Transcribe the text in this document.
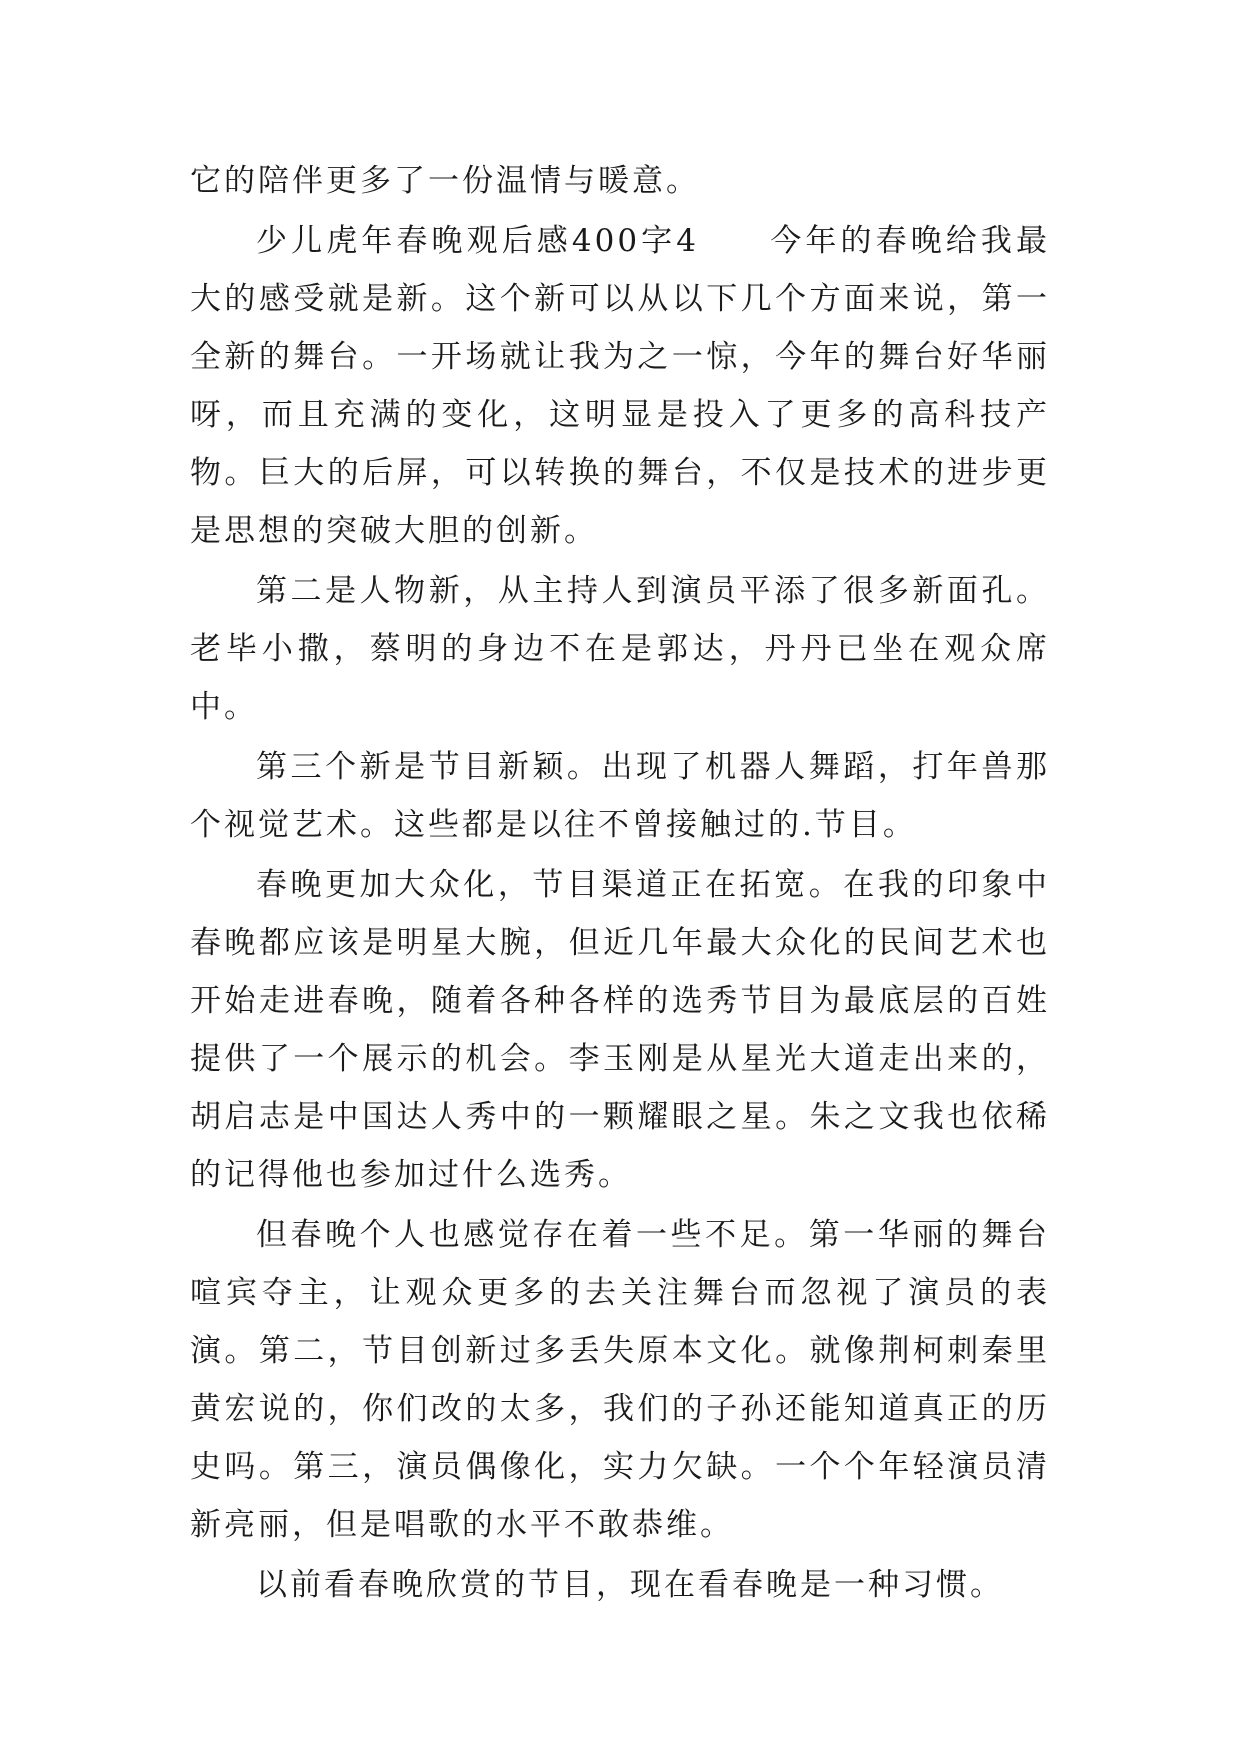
它的陪伴更多了一份温情与暖意。

少儿虎年春晚观后感400字4　　今年的春晚给我最大的感受就是新。这个新可以从以下几个方面来说，第一全新的舞台。一开场就让我为之一惊，今年的舞台好华丽呀，而且充满的变化，这明显是投入了更多的高科技产物。巨大的后屏，可以转换的舞台，不仅是技术的进步更是思想的突破大胆的创新。

第二是人物新，从主持人到演员平添了很多新面孔。老毕小撒，蔡明的身边不在是郭达，丹丹已坐在观众席中。

第三个新是节目新颖。出现了机器人舞蹈，打年兽那个视觉艺术。这些都是以往不曾接触过的.节目。

春晚更加大众化，节目渠道正在拓宽。在我的印象中春晚都应该是明星大腕，但近几年最大众化的民间艺术也开始走进春晚，随着各种各样的选秀节目为最底层的百姓提供了一个展示的机会。李玉刚是从星光大道走出来的，胡启志是中国达人秀中的一颗耀眼之星。朱之文我也依稀的记得他也参加过什么选秀。

但春晚个人也感觉存在着一些不足。第一华丽的舞台喧宾夺主，让观众更多的去关注舞台而忽视了演员的表演。第二，节目创新过多丢失原本文化。就像荆柯刺秦里黄宏说的，你们改的太多，我们的子孙还能知道真正的历史吗。第三，演员偶像化，实力欠缺。一个个年轻演员清新亮丽，但是唱歌的水平不敢恭维。

以前看春晚欣赏的节目，现在看春晚是一种习惯。
